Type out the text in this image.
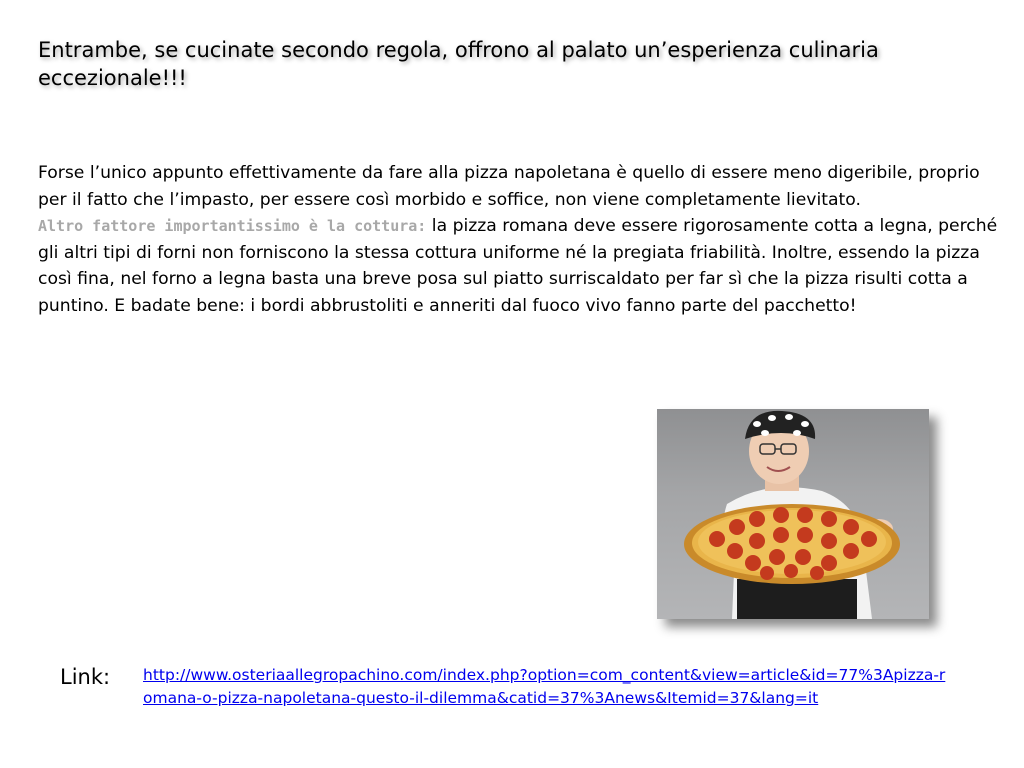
Entrambe, se cucinate secondo regola, offrono al palato un’esperienza culinaria eccezionale!!!

Forse l’unico appunto effettivamente da fare alla pizza napoletana è quello di essere meno digeribile, proprio per il fatto che l’impasto, per essere così morbido e soffice, non viene completamente lievitato.

Altro fattore importantissimo è la cottura: la pizza romana deve essere rigorosamente cotta a legna, perché gli altri tipi di forni non forniscono la stessa cottura uniforme né la pregiata friabilità. Inoltre, essendo la pizza così fina, nel forno a legna basta una breve posa sul piatto surriscaldato per far sì che la pizza risulti cotta a puntino. E badate bene: i bordi abbrustoliti e anneriti dal fuoco vivo fanno parte del pacchetto!

Link: http://www.osteriaallegropachino.com/index.php?option=com_content&view=article&id=77%3Apizza-romana-o-pizza-napoletana-questo-il-dilemma&catid=37%3Anews&Itemid=37&lang=it
